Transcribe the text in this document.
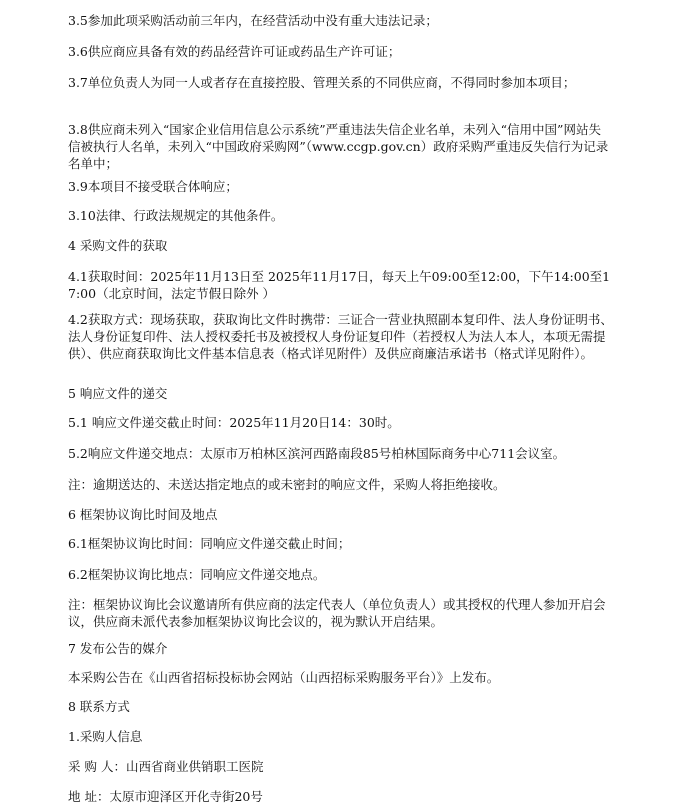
3.5参加此项采购活动前三年内，在经营活动中没有重大违法记录；

3.6供应商应具备有效的药品经营许可证或药品生产许可证；

3.7单位负责人为同一人或者存在直接控股、管理关系的不同供应商，不得同时参加本项目；

3.8供应商未列入“国家企业信用信息公示系统”严重违法失信企业名单，未列入“信用中国”网站失信被执行人名单，未列入“中国政府采购网”（www.ccgp.gov.cn）政府采购严重违反失信行为记录名单中；

3.9本项目不接受联合体响应；

3.10法律、行政法规规定的其他条件。

4 采购文件的获取

4.1获取时间：2025年11月13日至 2025年11月17日，每天上午09:00至12:00，下午14:00至17:00（北京时间，法定节假日除外 ）

4.2获取方式：现场获取，获取询比文件时携带：三证合一营业执照副本复印件、法人身份证明书、法人身份证复印件、法人授权委托书及被授权人身份证复印件（若授权人为法人本人，本项无需提供）、供应商获取询比文件基本信息表（格式详见附件）及供应商廉洁承诺书（格式详见附件）。

5 响应文件的递交

5.1 响应文件递交截止时间：2025年11月20日14：30时。

5.2响应文件递交地点：太原市万柏林区滨河西路南段85号柏林国际商务中心711会议室。

注：逾期送达的、未送达指定地点的或未密封的响应文件，采购人将拒绝接收。

6 框架协议询比时间及地点

6.1框架协议询比时间：同响应文件递交截止时间；

6.2框架协议询比地点：同响应文件递交地点。

注：框架协议询比会议邀请所有供应商的法定代表人（单位负责人）或其授权的代理人参加开启会议，供应商未派代表参加框架协议询比会议的，视为默认开启结果。

7 发布公告的媒介

本采购公告在《山西省招标投标协会网站（山西招标采购服务平台）》上发布。

8 联系方式

1.采购人信息

采 购 人：山西省商业供销职工医院

地 址：太原市迎泽区开化寺街20号
